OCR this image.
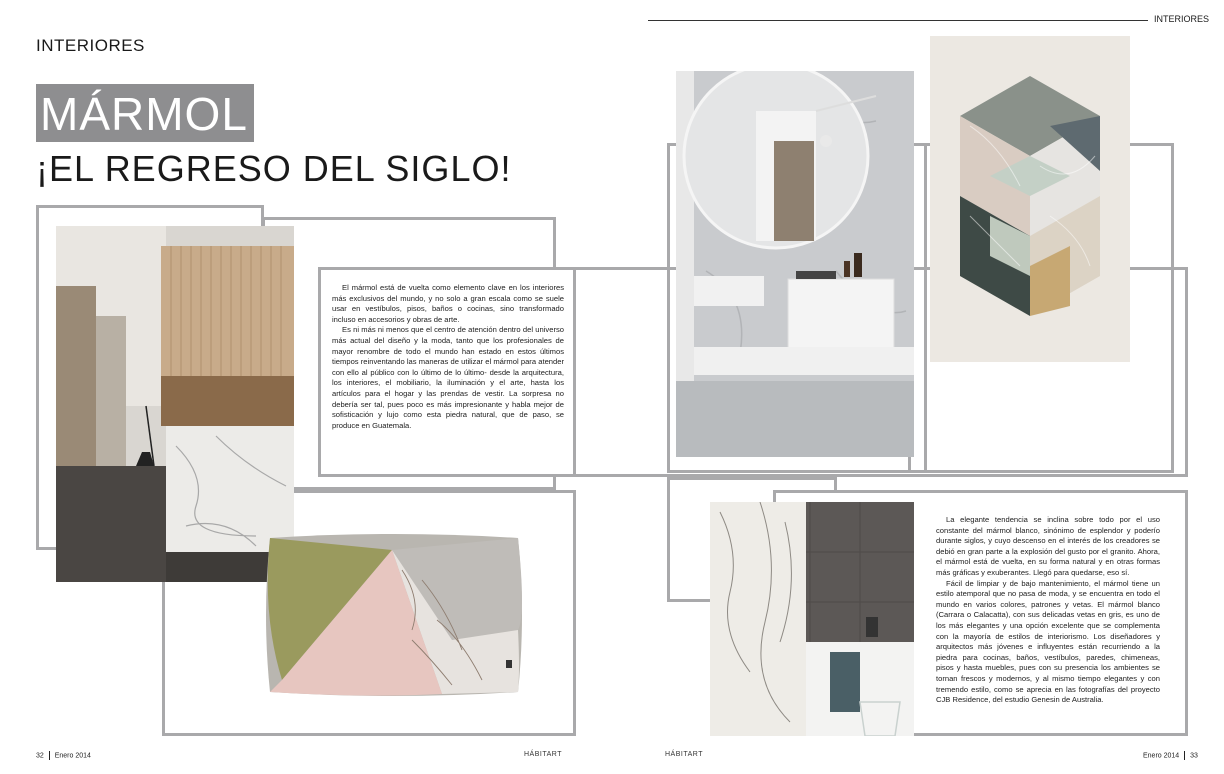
INTERIORES
MÁRMOL
¡EL REGRESO DEL SIGLO!

El mármol está de vuelta como elemento clave en los interiores más exclusivos del mundo, y no solo a gran escala como se suele usar en vestíbulos, pisos, baños o cocinas, sino transformado incluso en accesorios y obras de arte.

Es ni más ni menos que el centro de atención dentro del universo más actual del diseño y la moda, tanto que los profesionales de mayor renombre de todo el mundo han estado en estos últimos tiempos reinventando las maneras de utilizar el mármol para atender con ello al público con lo último de lo último- desde la arquitectura, los interiores, el mobiliario, la iluminación y el arte, hasta los artículos para el hogar y las prendas de vestir. La sorpresa no debería ser tal, pues poco es más impresionante y habla mejor de sofisticación y lujo como esta piedra natural, que de paso, se produce en Guatemala.

32 Enero 2014	HÁBITART
INTERIORES

La elegante tendencia se inclina sobre todo por el uso constante del mármol blanco, sinónimo de esplendor y poderío durante siglos, y cuyo descenso en el interés de los creadores se debió en gran parte a la explosión del gusto por el granito. Ahora, el mármol está de vuelta, en su forma natural y en otras formas más gráficas y exuberantes. Llegó para quedarse, eso sí.

Fácil de limpiar y de bajo mantenimiento, el mármol tiene un estilo atemporal que no pasa de moda, y se encuentra en todo el mundo en varios colores, patrones y vetas. El mármol blanco (Carrara o Calacatta), con sus delicadas vetas en gris, es uno de los más elegantes y una opción excelente que se complementa con la mayoría de estilos de interiorismo. Los diseñadores y arquitectos más jóvenes e influyentes están recurriendo a la piedra para cocinas, baños, vestíbulos, paredes, chimeneas, pisos y hasta muebles, pues con su presencia los ambientes se tornan frescos y modernos, y al mismo tiempo elegantes y con tremendo estilo, como se aprecia en las fotografías del proyecto CJB Residence, del estudio Genesin de Australia.

HÁBITART	Enero 2014 33
